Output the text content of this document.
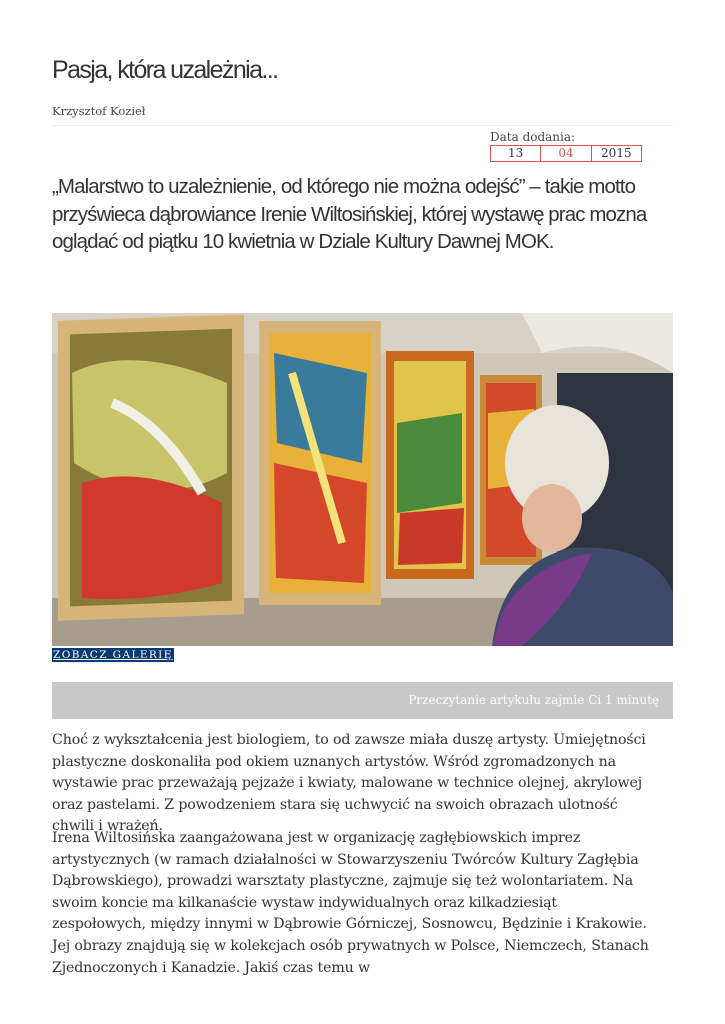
Pasja, która uzależnia...
Krzysztof Kozieł
Data dodania:
13	04	2015

„Malarstwo to uzależnienie, od którego nie można odejść” – takie motto przyświeca dąbrowiance Irenie Wiltosińskiej, której wystawę prac mozna oglądać od piątku 10 kwietnia w Dziale Kultury Dawnej MOK.

ZOBACZ GALERIĘ
Przeczytanie artykułu zajmie Ci 1 minutę

Choć z wykształcenia jest biologiem, to od zawsze miała duszę artysty. Umiejętności plastyczne doskonaliła pod okiem uznanych artystów. Wśród zgromadzonych na wystawie prac przeważają pejzaże i kwiaty, malowane w technice olejnej, akrylowej oraz pastelami. Z powodzeniem stara się uchwycić na swoich obrazach ulotność chwili i wrażeń.

Irena Wiltosińska zaangażowana jest w organizację zagłębiowskich imprez artystycznych (w ramach działalności w Stowarzyszeniu Twórców Kultury Zagłębia Dąbrowskiego), prowadzi warsztaty plastyczne, zajmuje się też wolontariatem. Na swoim koncie ma kilkanaście wystaw indywidualnych oraz kilkadziesiąt zespołowych, między innymi w Dąbrowie Górniczej, Sosnowcu, Będzinie i Krakowie. Jej obrazy znajdują się w kolekcjach osób prywatnych w Polsce, Niemczech, Stanach Zjednoczonych i Kanadzie. Jakiś czas temu w
